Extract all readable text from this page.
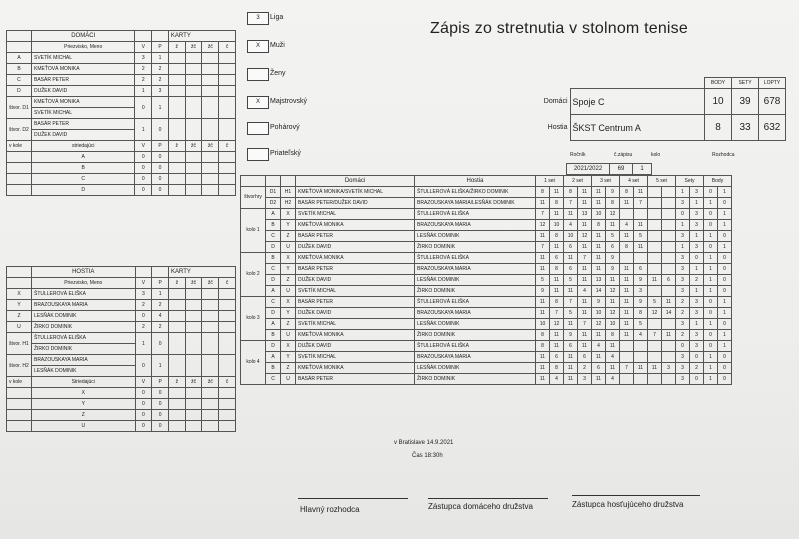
Zápis zo stretnutia v stolnom tenise
3	Liga
X	Muži
Ženy
X	Majstrovský
Pohárový
Priateľský
	DOMÁCI			KARTY			
	Priezvisko, Meno	V	P	ž	žč	žč	č
A	SVETÍK MICHAL	3	1				
B	KMEŤOVÁ MONIKA	2	2				
C	BASÁR PETER	2	2				
D	DUŽEK DAVID	1	3				
štvor. D1	KMEŤOVÁ MONIKA	0	1				
	SVETÍK MICHAL						
štvor. D2	BASÁR PETER	1	0				
	DUŽEK DAVID						
v kole	striedajúci	V	P	ž	žč	žč	č
	A	0	0				
	B	0	0				
	C	0	0				
	D	0	0				
	HOSTIA			KARTY			
	Priezvisko, Meno	V	P	ž	žč	žč	č
X	ŠTULLEROVÁ ELIŠKA	3	1				
Y	BRAZOUSKAYA MARIA	2	2				
Z	LESŇÁK DOMINIK	0	4				
U	ŽIRKO DOMINIK	2	2				
štvor. H1	ŠTULLEROVÁ ELIŠKA	1	0				
	ŽIRKO DOMINIK						
štvor. H2	BRAZOUSKAYA MARIA	0	1				
	LESŇÁK DOMINIK						
v kole	Striedajúci	V	P	ž	žč	žč	č
	X	0	0				
	Y	0	0				
	Z	0	0				
	U	0	0				
		BODY	SETY	LOPTY
Domáci	Spoje C	10	39	678
Hostia	ŠKST Centrum A	8	33	632
Ročník	č.zápisu	kolo	Rozhodca
2021/2022	69	1
			Domáci	Hostia	1 set		2 set		3 set		4 set		5 set		Sety		Body	
štvorhry	D1	H1	KMEŤOVÁ MONIKA/SVETÍK MICHAL	ŠTULLEROVÁ ELIŠKA/ŽIRKO DOMINIK	8	11	8	11	11	9	8	11			1	3	0	1
	D2	H2	BASÁR PETER/DUŽEK DAVID	BRAZOUSKAYA MARIA/LESŇÁK DOMINIK	11	8	7	11	11	8	11	7			3	1	1	0
kolo 1	A	X	SVETÍK MICHAL	ŠTULLEROVÁ ELIŠKA	7	11	11	13	10	12					0	3	0	1
	B	Y	KMEŤOVÁ MONIKA	BRAZOUSKAYA MARIA	12	10	4	11	8	11	4	11			1	3	0	1
	C	Z	BASÁR PETER	LESŇÁK DOMINIK	11	8	10	12	11	5	11	5			3	1	1	0
	D	U	DUŽEK DAVID	ŽIRKO DOMINIK	7	11	6	11	11	6	8	11			1	3	0	1
kolo 2	B	X	KMEŤOVÁ MONIKA	ŠTULLEROVÁ ELIŠKA	11	6	11	7	11	9					3	0	1	0
	C	Y	BASÁR PETER	BRAZOUSKAYA MARIA	11	8	6	11	11	9	11	6			3	1	1	0
	D	Z	DUŽEK DAVID	LESŇÁK DOMINIK	5	11	5	11	13	11	11	9	11	6	3	2	1	0
	A	U	SVETÍK MICHAL	ŽIRKO DOMINIK	9	11	11	4	14	12	11	3			3	1	1	0
kolo 3	C	X	BASÁR PETER	ŠTULLEROVÁ ELIŠKA	11	8	7	11	9	11	11	9	5	11	2	3	0	1
	D	Y	DUŽEK DAVID	BRAZOUSKAYA MARIA	11	7	5	11	10	12	11	8	12	14	2	3	0	1
	A	Z	SVETÍK MICHAL	LESŇÁK DOMINIK	10	12	11	7	12	10	11	5			3	1	1	0
	B	U	KMEŤOVÁ MONIKA	ŽIRKO DOMINIK	8	11	9	11	11	8	11	4	7	11	2	3	0	1
kolo 4	D	X	DUŽEK DAVID	ŠTULLEROVÁ ELIŠKA	8	11	6	11	4	11					0	3	0	1
	A	Y	SVETÍK MICHAL	BRAZOUSKAYA MARIA	11	6	11	6	11	4					3	0	1	0
	B	Z	KMEŤOVÁ MONIKA	LESŇÁK DOMINIK	11	8	11	2	6	11	7	11	11	3	3	2	1	0
	C	U	BASÁR PETER	ŽIRKO DOMINIK	11	4	11	3	11	4					3	0	1	0
v Bratislave 14.9.2021
Čas 18:30h
Hlavný rozhodca	Zástupca domáceho družstva	Zástupca hosťujúceho družstva
